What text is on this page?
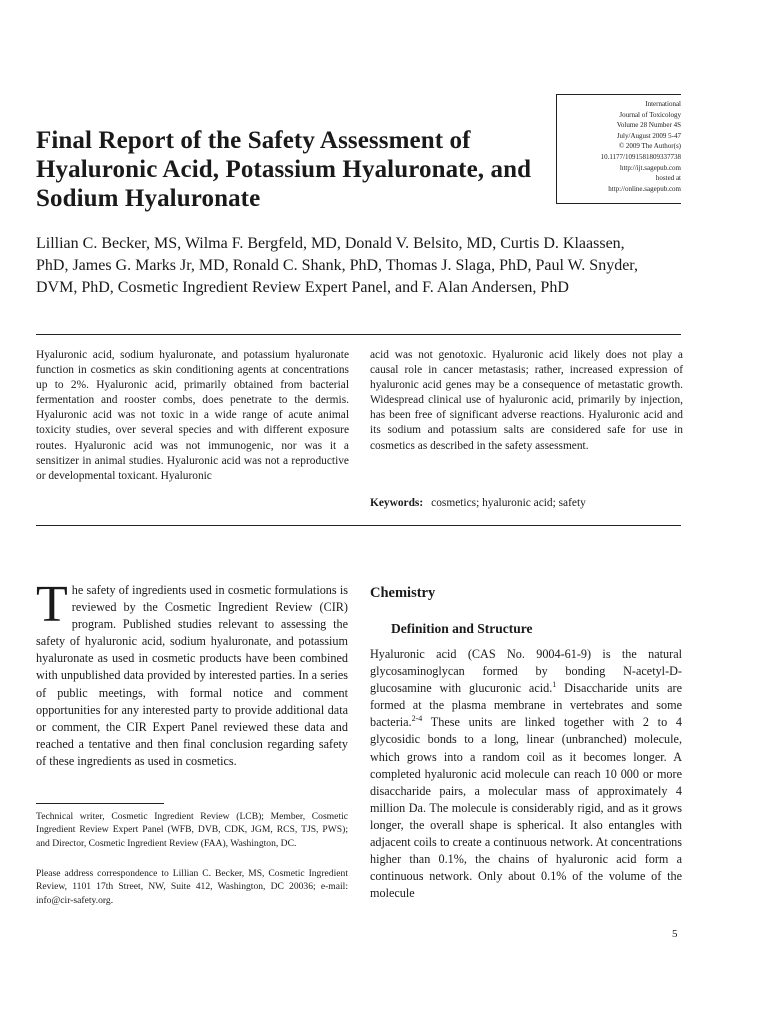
International
Journal of Toxicology
Volume 28 Number 4S
July/August 2009 5-47
© 2009 The Author(s)
10.1177/1091581809337738
http://ijt.sagepub.com
hosted at
http://online.sagepub.com
Final Report of the Safety Assessment of Hyaluronic Acid, Potassium Hyaluronate, and Sodium Hyaluronate
Lillian C. Becker, MS, Wilma F. Bergfeld, MD, Donald V. Belsito, MD, Curtis D. Klaassen, PhD, James G. Marks Jr, MD, Ronald C. Shank, PhD, Thomas J. Slaga, PhD, Paul W. Snyder, DVM, PhD, Cosmetic Ingredient Review Expert Panel, and F. Alan Andersen, PhD
Hyaluronic acid, sodium hyaluronate, and potassium hyaluronate function in cosmetics as skin conditioning agents at concentrations up to 2%. Hyaluronic acid, primarily obtained from bacterial fermentation and rooster combs, does penetrate to the dermis. Hyaluronic acid was not toxic in a wide range of acute animal toxicity studies, over several species and with different exposure routes. Hyaluronic acid was not immunogenic, nor was it a sensitizer in animal studies. Hyaluronic acid was not a reproductive or developmental toxicant. Hyaluronic
acid was not genotoxic. Hyaluronic acid likely does not play a causal role in cancer metastasis; rather, increased expression of hyaluronic acid genes may be a consequence of metastatic growth. Widespread clinical use of hyaluronic acid, primarily by injection, has been free of significant adverse reactions. Hyaluronic acid and its sodium and potassium salts are considered safe for use in cosmetics as described in the safety assessment.
Keywords: cosmetics; hyaluronic acid; safety
The safety of ingredients used in cosmetic formulations is reviewed by the Cosmetic Ingredient Review (CIR) program. Published studies relevant to assessing the safety of hyaluronic acid, sodium hyaluronate, and potassium hyaluronate as used in cosmetic products have been combined with unpublished data provided by interested parties. In a series of public meetings, with formal notice and comment opportunities for any interested party to provide additional data or comment, the CIR Expert Panel reviewed these data and reached a tentative and then final conclusion regarding safety of these ingredients as used in cosmetics.
Technical writer, Cosmetic Ingredient Review (LCB); Member, Cosmetic Ingredient Review Expert Panel (WFB, DVB, CDK, JGM, RCS, TJS, PWS); and Director, Cosmetic Ingredient Review (FAA), Washington, DC.
Please address correspondence to Lillian C. Becker, MS, Cosmetic Ingredient Review, 1101 17th Street, NW, Suite 412, Washington, DC 20036; e-mail: info@cir-safety.org.
Chemistry
Definition and Structure
Hyaluronic acid (CAS No. 9004-61-9) is the natural glycosaminoglycan formed by bonding N-acetyl-D-glucosamine with glucuronic acid.$^1$ Disaccharide units are formed at the plasma membrane in vertebrates and some bacteria.$^{2-4}$ These units are linked together with 2 to 4 glycosidic bonds to a long, linear (unbranched) molecule, which grows into a random coil as it becomes longer. A completed hyaluronic acid molecule can reach 10 000 or more disaccharide pairs, a molecular mass of approximately 4 million Da. The molecule is considerably rigid, and as it grows longer, the overall shape is spherical. It also entangles with adjacent coils to create a continuous network. At concentrations higher than 0.1%, the chains of hyaluronic acid form a continuous network. Only about 0.1% of the volume of the molecule
5
